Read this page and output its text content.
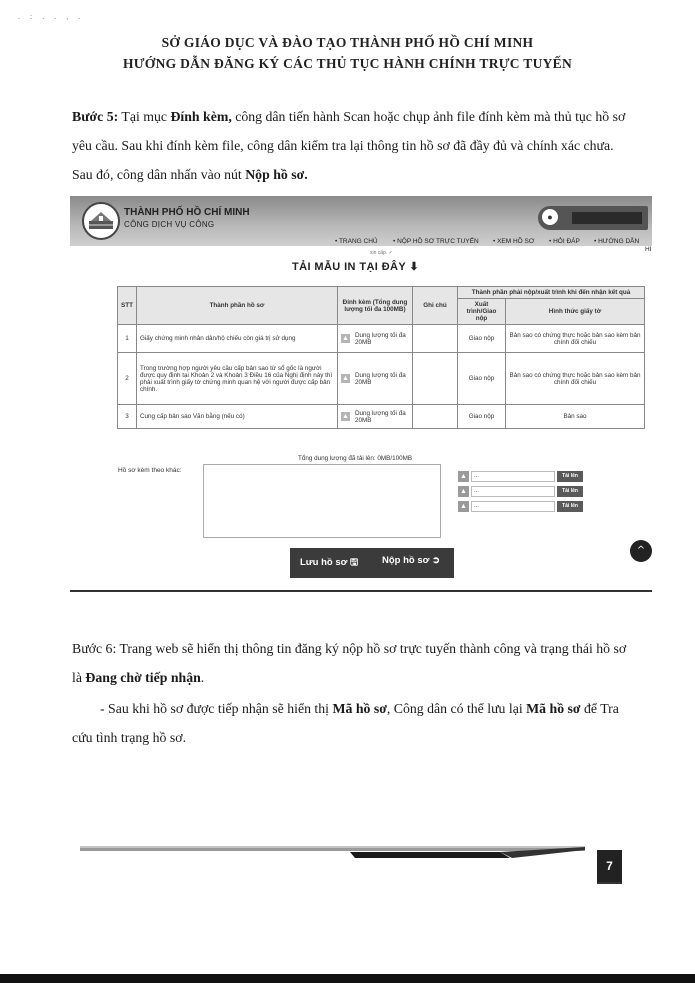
. : . . , .
SỞ GIÁO DỤC VÀ ĐÀO TẠO THÀNH PHỐ HỒ CHÍ MINH
HƯỚNG DẪN ĐĂNG KÝ CÁC THỦ TỤC HÀNH CHÍNH TRỰC TUYẾN
Bước 5: Tại mục Đính kèm, công dân tiến hành Scan hoặc chụp ảnh file đính kèm mà thủ tục hồ sơ yêu cầu. Sau khi đính kèm file, công dân kiểm tra lại thông tin hồ sơ đã đầy đủ và chính xác chưa. Sau đó, công dân nhấn vào nút Nộp hồ sơ.
THÀNH PHỐ HỒ CHÍ MINH
CÔNG DỊCH VỤ CÔNG
●
• TRANG CHỦ • NỘP HỒ SƠ TRỰC TUYẾN • XEM HỒ SƠ • HỎI ĐÁP • HƯỚNG DẪN
HI
xin cấp. ✓
TẢI MẪU IN TẠI ĐÂY ⬇
STT	Thành phần hồ sơ	Đính kèm (Tổng dung lượng tối đa 100MB)	Ghi chú	Thành phần phải nộp/xuất trình khi đến nhận kết quả	
				Xuất trình/Giao nộp	Hình thức giấy tờ
1	Giấy chứng minh nhân dân/hộ chiếu còn giá trị sử dụng	▲ Dung lượng tối đa 20MB		Giao nộp	Bản sao có chứng thực hoặc bản sao kèm bản chính đối chiếu
2	Trong trường hợp người yêu cầu cấp bản sao từ sổ gốc là người được quy định tại Khoản 2 và Khoản 3 Điều 16 của Nghị định này thì phải xuất trình giấy tờ chứng minh quan hệ với người được cấp bản chính.	▲ Dung lượng tối đa 20MB		Giao nộp	Bản sao có chứng thực hoặc bản sao kèm bản chính đối chiếu
3	Cung cấp bản sao Văn bằng (nếu có)	▲ Dung lượng tối đa 20MB		Giao nộp	Bản sao
Tổng dung lượng đã tải lên: 0MB/100MB
Hồ sơ kèm theo khác:
▲	...	Tải lên
▲	...	Tải lên
▲	...	Tải lên
Lưu hồ sơ 🖫	Nộp hồ sơ ➲
^
Bước 6: Trang web sẽ hiển thị thông tin đăng ký nộp hồ sơ trực tuyến thành công và trạng thái hồ sơ là Đang chờ tiếp nhận.
- Sau khi hồ sơ được tiếp nhận sẽ hiển thị Mã hồ sơ, Công dân có thể lưu lại Mã hồ sơ để Tra cứu tình trạng hồ sơ.
7
